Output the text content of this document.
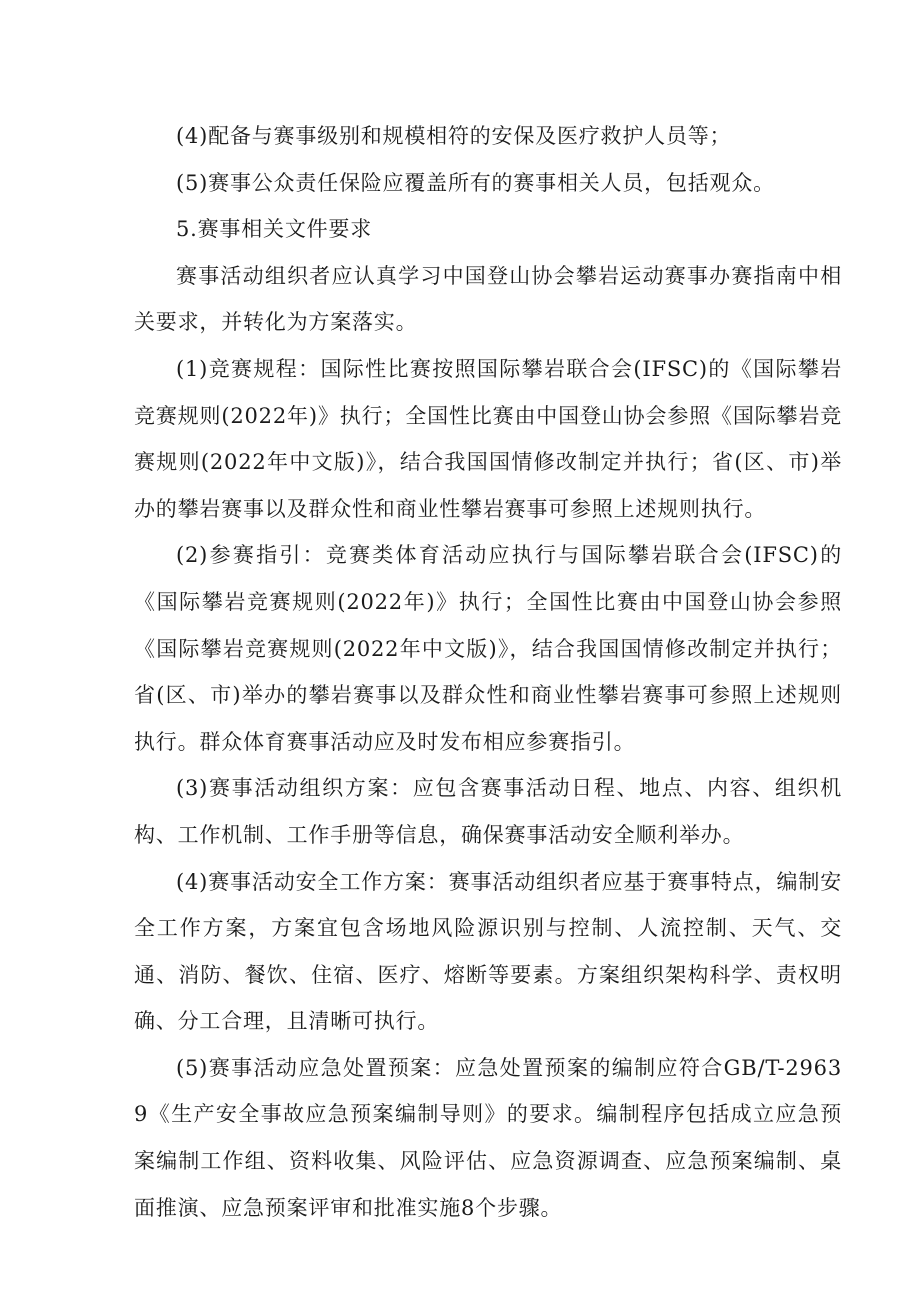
(4)配备与赛事级别和规模相符的安保及医疗救护人员等；

(5)赛事公众责任保险应覆盖所有的赛事相关人员，包括观众。

5.赛事相关文件要求

赛事活动组织者应认真学习中国登山协会攀岩运动赛事办赛指南中相关要求，并转化为方案落实。

(1)竞赛规程：国际性比赛按照国际攀岩联合会(IFSC)的《国际攀岩竞赛规则(2022年)》执行；全国性比赛由中国登山协会参照《国际攀岩竞赛规则(2022年中文版)》，结合我国国情修改制定并执行；省(区、市)举办的攀岩赛事以及群众性和商业性攀岩赛事可参照上述规则执行。

(2)参赛指引：竞赛类体育活动应执行与国际攀岩联合会(IFSC)的《国际攀岩竞赛规则(2022年)》执行；全国性比赛由中国登山协会参照《国际攀岩竞赛规则(2022年中文版)》，结合我国国情修改制定并执行；省(区、市)举办的攀岩赛事以及群众性和商业性攀岩赛事可参照上述规则执行。群众体育赛事活动应及时发布相应参赛指引。

(3)赛事活动组织方案：应包含赛事活动日程、地点、内容、组织机构、工作机制、工作手册等信息，确保赛事活动安全顺利举办。

(4)赛事活动安全工作方案：赛事活动组织者应基于赛事特点，编制安全工作方案，方案宜包含场地风险源识别与控制、人流控制、天气、交通、消防、餐饮、住宿、医疗、熔断等要素。方案组织架构科学、责权明确、分工合理，且清晰可执行。

(5)赛事活动应急处置预案：应急处置预案的编制应符合GB/T-29639《生产安全事故应急预案编制导则》的要求。编制程序包括成立应急预案编制工作组、资料收集、风险评估、应急资源调查、应急预案编制、桌面推演、应急预案评审和批准实施8个步骤。
